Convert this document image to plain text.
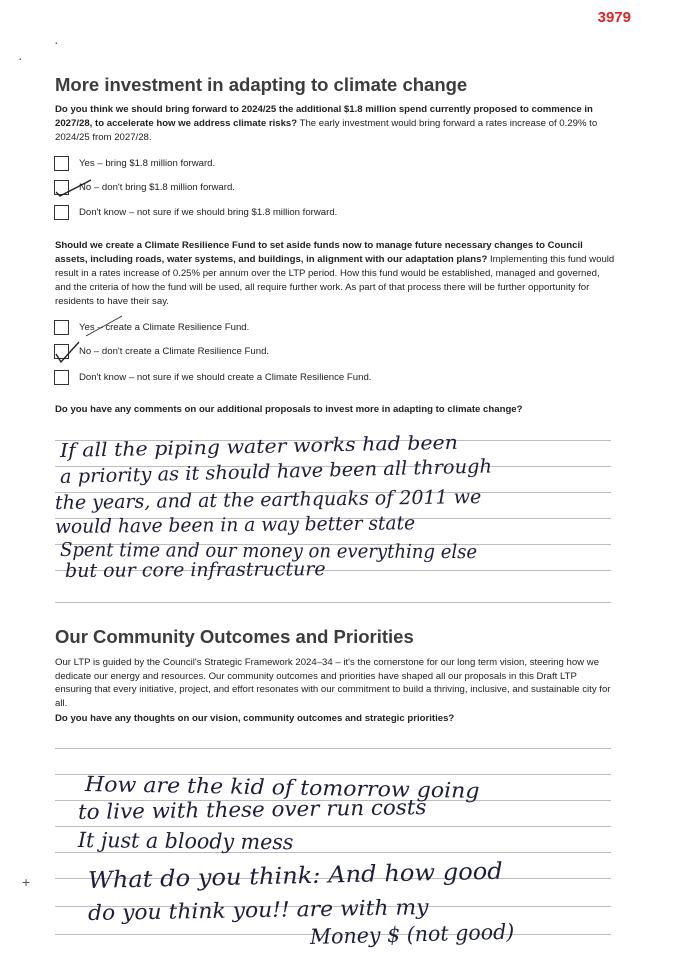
3979
·
·
More investment in adapting to climate change
Do you think we should bring forward to 2024/25 the additional $1.8 million spend currently proposed to commence in 2027/28, to accelerate how we address climate risks? The early investment would bring forward a rates increase of 0.29% to 2024/25 from 2027/28.
Yes – bring $1.8 million forward.
No – don't bring $1.8 million forward.
Don't know – not sure if we should bring $1.8 million forward.
Should we create a Climate Resilience Fund to set aside funds now to manage future necessary changes to Council assets, including roads, water systems, and buildings, in alignment with our adaptation plans? Implementing this fund would result in a rates increase of 0.25% per annum over the LTP period. How this fund would be established, managed and governed, and the criteria of how the fund will be used, all require further work. As part of that process there will be further opportunity for residents to have their say.
Yes – create a Climate Resilience Fund.
No – don't create a Climate Resilience Fund.
Don't know – not sure if we should create a Climate Resilience Fund.
Do you have any comments on our additional proposals to invest more in adapting to climate change?
If all the piping water works had been
a priority as it should have been all through
the years, and at the earthquaks of 2011 we
would have been in a way better state
Spent time and our money on everything else
but our core infrastructure
Our Community Outcomes and Priorities
Our LTP is guided by the Council's Strategic Framework 2024–34 – it's the cornerstone for our long term vision, steering how we dedicate our energy and resources. Our community outcomes and priorities have shaped all our proposals in this Draft LTP ensuring that every initiative, project, and effort resonates with our commitment to build a thriving, inclusive, and sustainable city for all.
Do you have any thoughts on our vision, community outcomes and strategic priorities?
+
How are the kid of tomorrow going
to live with these over run costs
It just a bloody mess
What do you think: And how good
do you think you!! are with my
Money $ (not good)
